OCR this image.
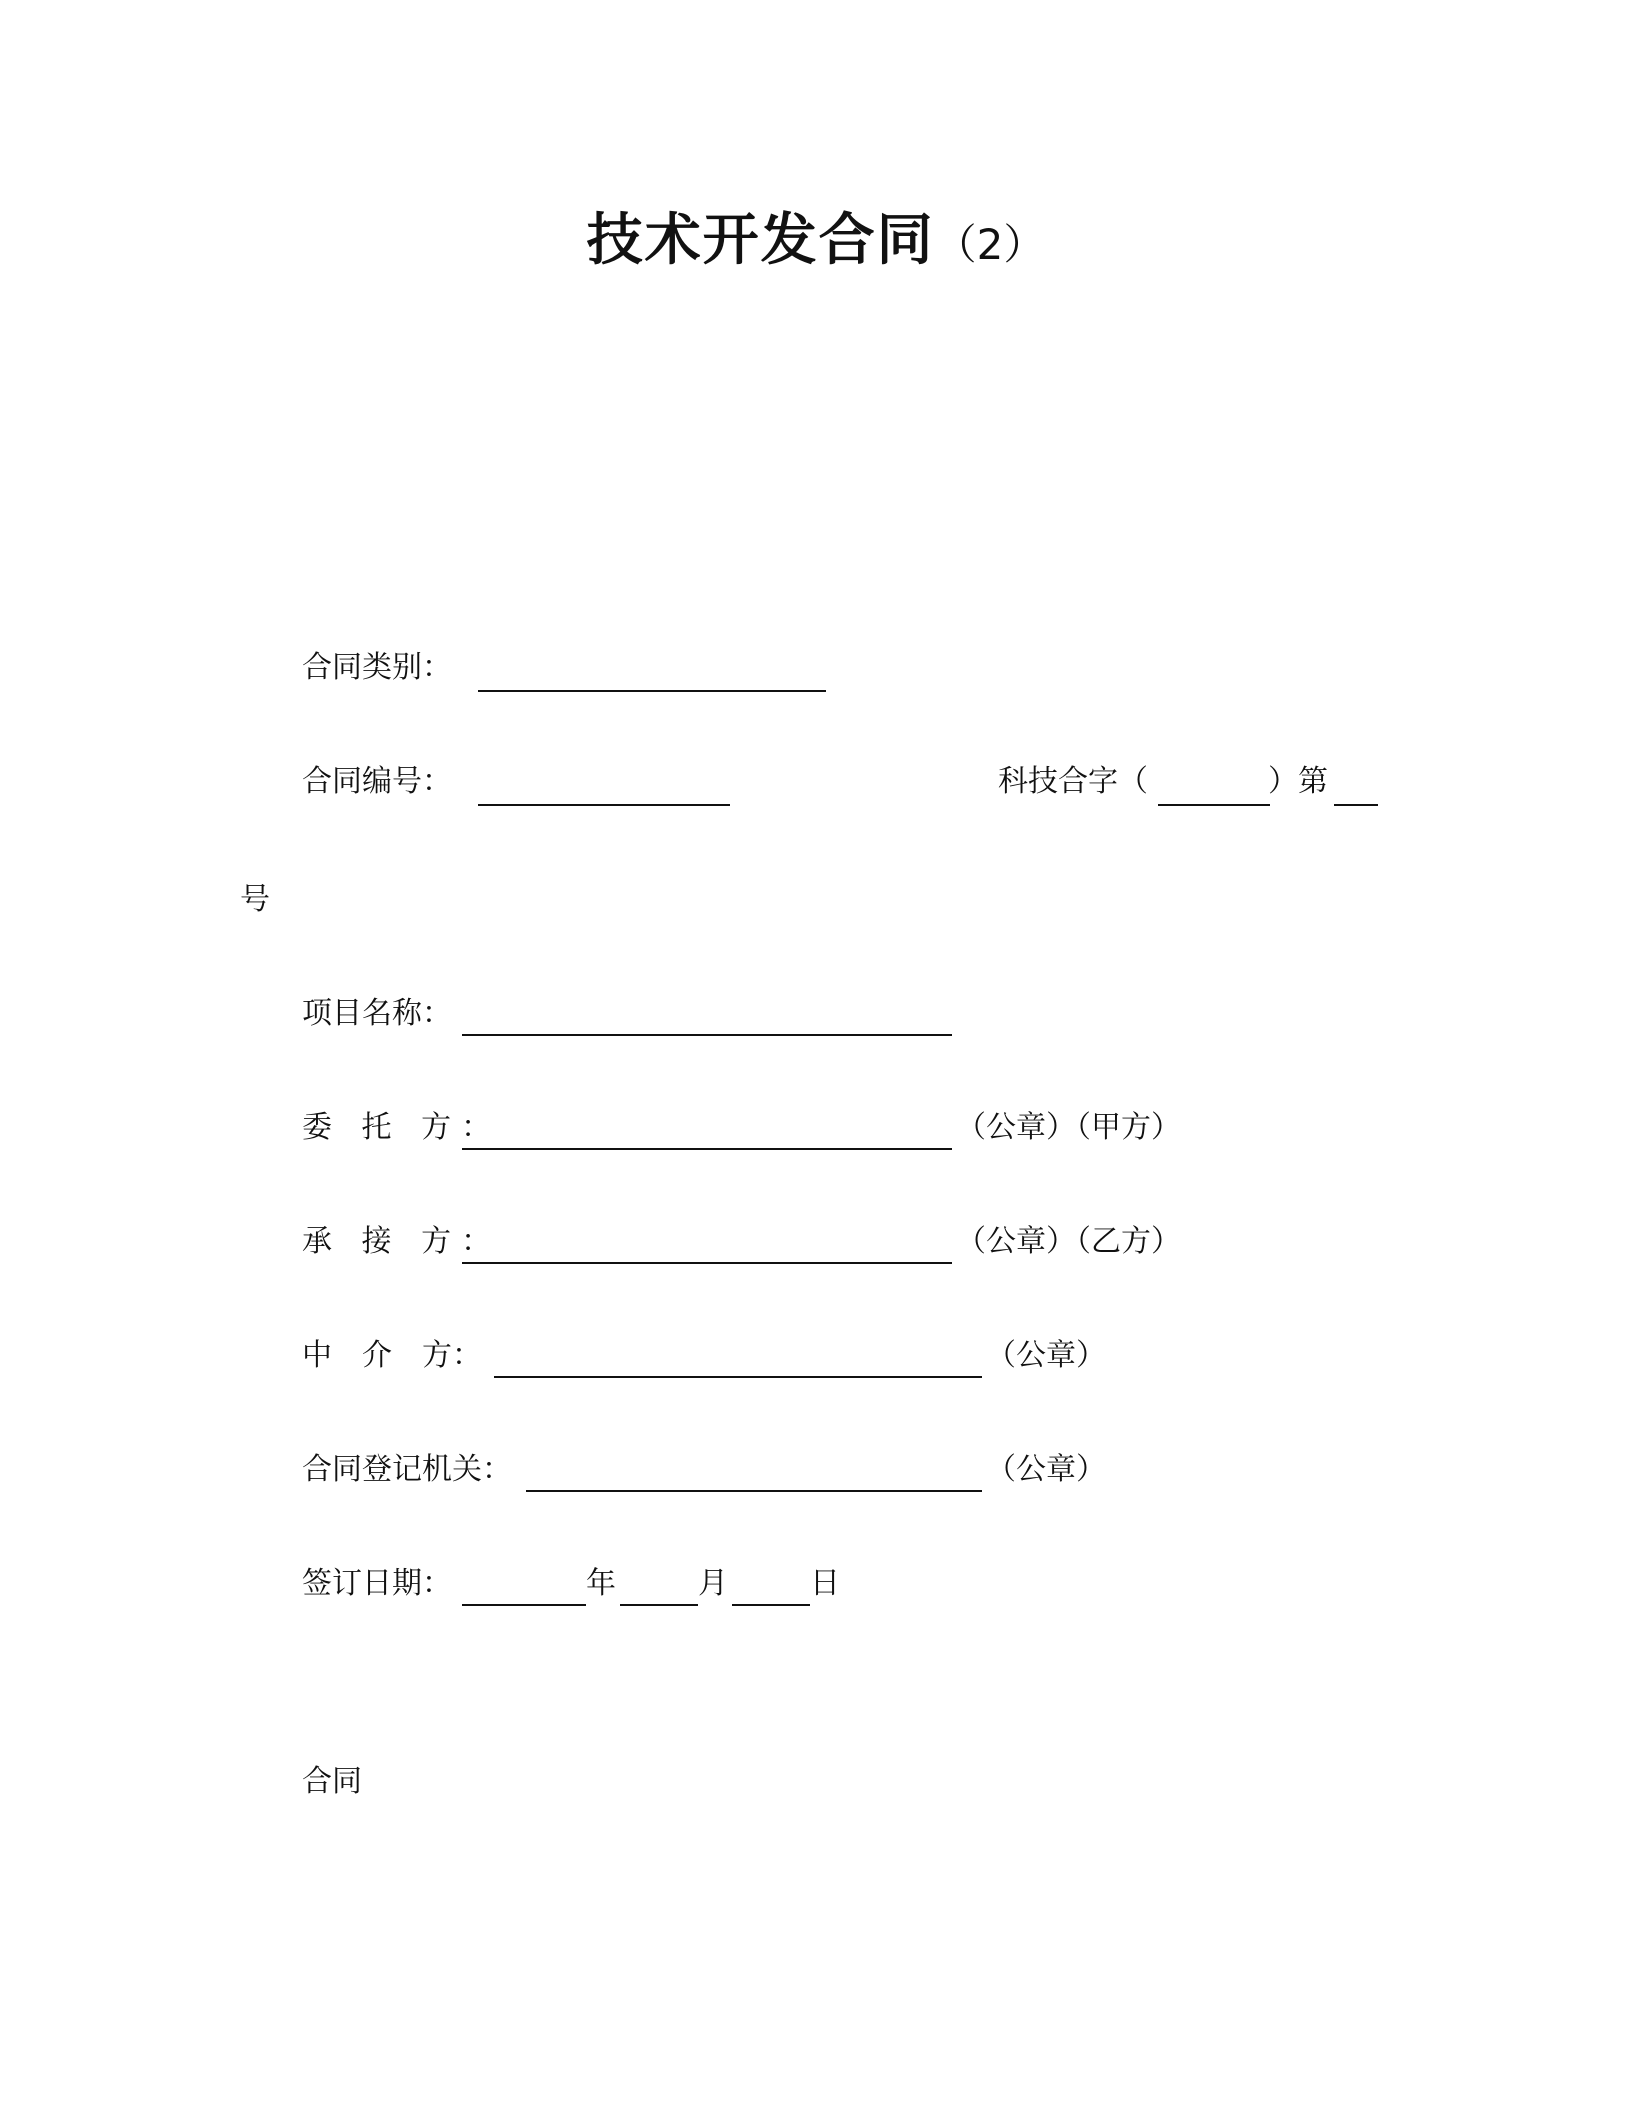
技术开发合同（2）
合同类别：
合同编号：	科技合字（	）第
号
项目名称：
委 托 方：	（公章）（甲方）
承 接 方：	（公章）（乙方）
中　介　方：	（公章）
合同登记机关：	（公章）
签订日期：	年	月	日
合同
